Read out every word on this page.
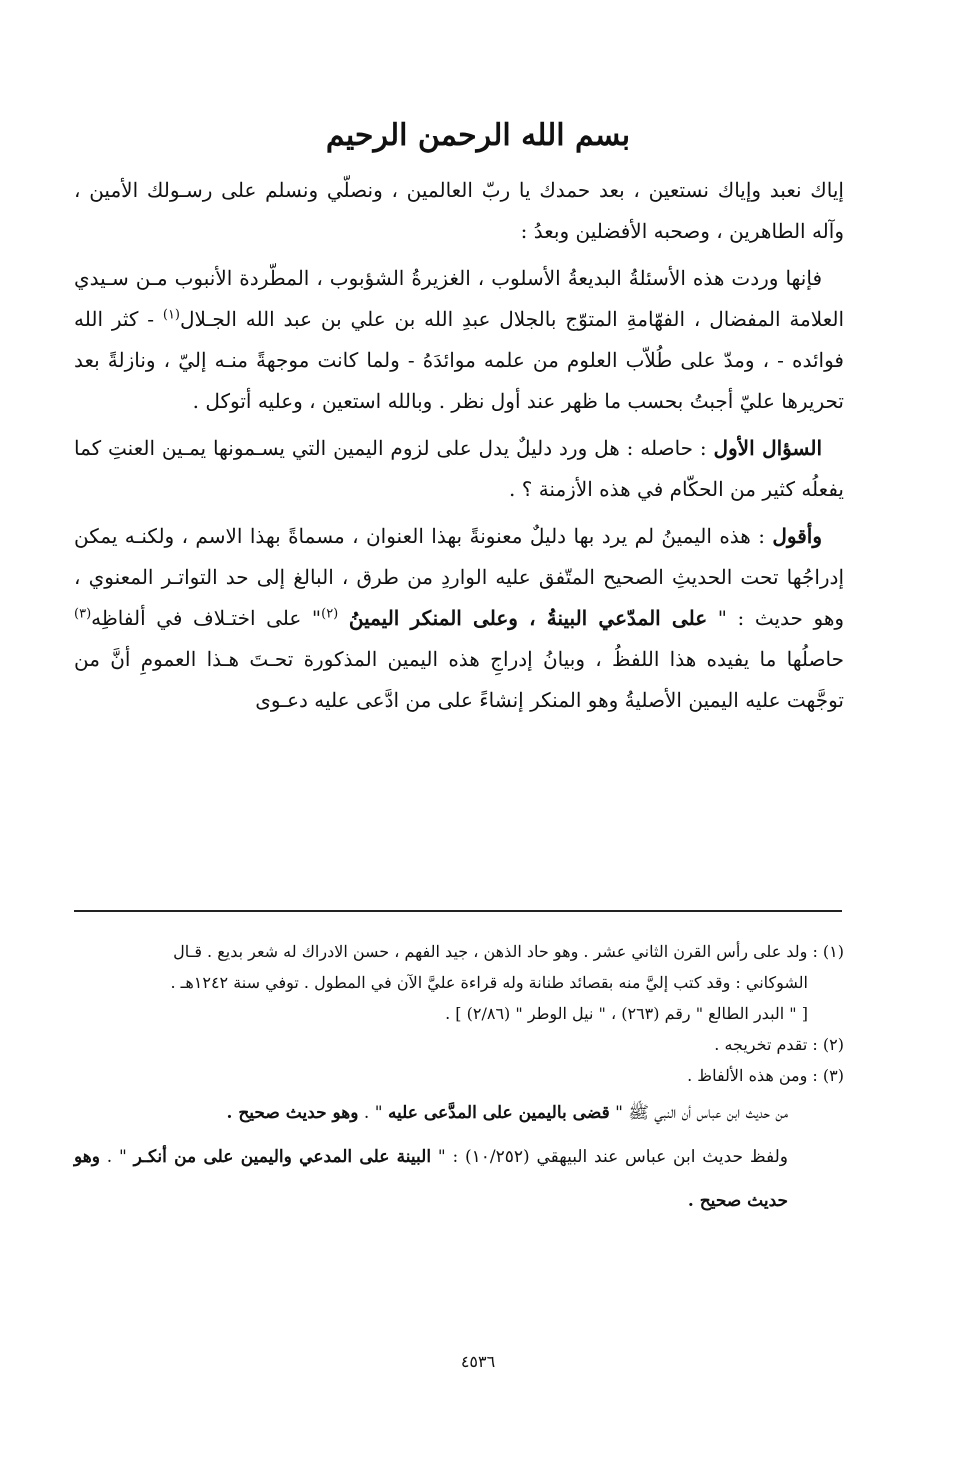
بسم الله الرحمن الرحيم

إياك نعبد وإياك نستعين ، بعد حمدك يا ربّ العالمين ، ونصلّي ونسلم على رسـولك الأمين ، وآله الطاهرين ، وصحبه الأفضلين وبعدُ :

فإنها وردت هذه الأسئلةُ البديعةُ الأسلوب ، الغزيرةُ الشؤبوب ، المطّردة الأنبوب مـن سـيدي العلامة المفضال ، الفهّامةِ المتوّج بالجلال عبدِ الله بن علي بن عبد الله الجـلال$^{(١)}$ - كثر الله فوائده - ، ومدّ على طُلاّب العلوم من علمه موائدَهُ - ولما كانت موجهةً منـه إليّ ، ونازلةً بعد تحريرها عليّ أجبتُ بحسب ما ظهر عند أول نظر . وبالله استعين ، وعليه أتوكل .

السؤال الأول : حاصله : هل ورد دليلٌ يدل على لزوم اليمين التي يسـمونها يمـين العنتِ كما يفعلُه كثير من الحكّام في هذه الأزمنة ؟ .

وأقول : هذه اليمينُ لم يرد بها دليلٌ معنونةً بهذا العنوان ، مسماةً بهذا الاسم ، ولكنـه يمكن إدراجُها تحت الحديثِ الصحيح المتّفق عليه الواردِ من طرق ، البالغ إلى حد التواتـر المعنوي ، وهو حديث : " على المدّعي البينةُ ، وعلى المنكر اليمينُ $^{(٢)}$" على اختـلاف في ألفاظِه$^{(٣)}$ حاصلُها ما يفيده هذا اللفظُ ، وبيانُ إدراجِ هذه اليمين المذكورة تحـتَ هـذا العمومِ أنَّ من توجَّهت عليه اليمين الأصليةُ وهو المنكر إنشاءً على من ادَّعى عليه دعـوى

(١) : ولد على رأس القرن الثاني عشر . وهو حاد الذهن ، جيد الفهم ، حسن الادراك له شعر بديع . قـال

الشوكاني : وقد كتب إليَّ منه بقصائد طنانة وله قراءة عليَّ الآن في المطول . توفي سنة ١٢٤٢هـ .

[ " البدر الطالع " رقم (٢٦٣) ، " نيل الوطر " (٢/٨٦) ] .

(٢) : تقدم تخريجه .

(٣) : ومن هذه الألفاظ .

من حديث ابن عباس أن النبي ﷺ " قضى باليمين على المدَّعى عليه " . وهو حديث صحيح .

ولفظ حديث ابن عباس عند البيهقي (١٠/٢٥٢) : " البينة على المدعي واليمين على من أنكـر " . وهو حديث صحيح .

٤٥٣٦
